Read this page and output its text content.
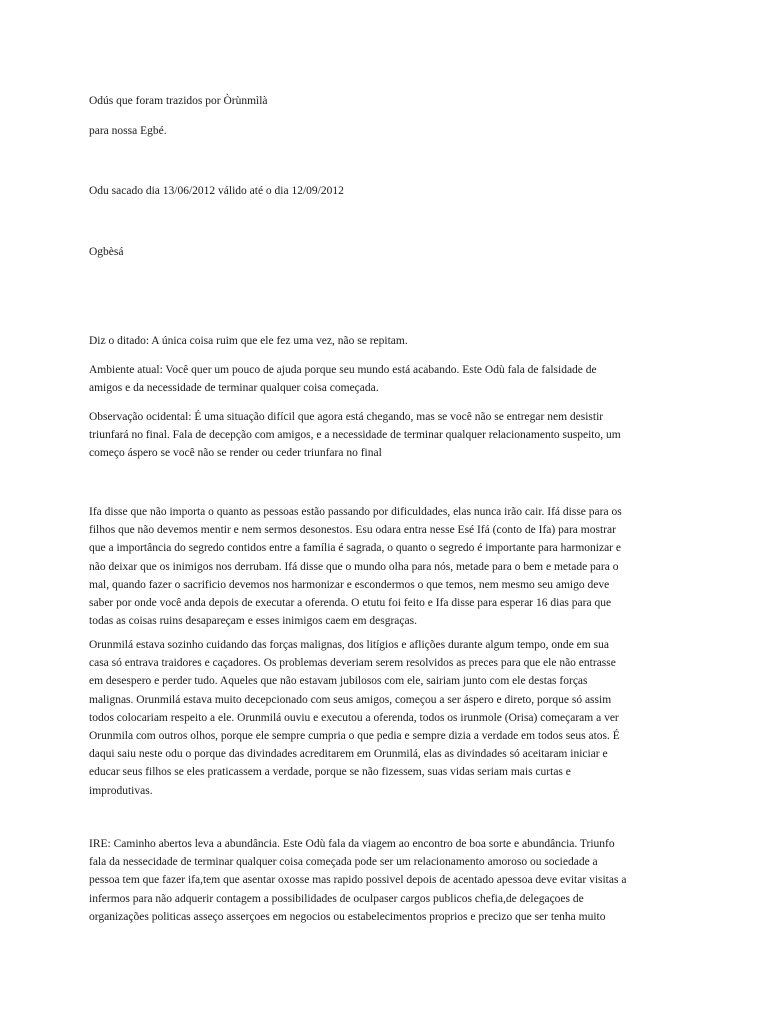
Odús que foram trazidos por Òrùnmìlà

para nossa Egbé.

Odu sacado dia 13/06/2012 válido até o dia 12/09/2012

Ogbèsá

Diz o ditado: A única coisa ruim que ele fez uma vez, não se repitam.

Ambiente atual: Você quer um pouco de ajuda porque seu mundo está acabando. Este Odù fala de falsidade de
amigos e da necessidade de terminar qualquer coisa começada.
Observação ocidental: É uma situação difícil que agora está chegando, mas se você não se entregar nem desistir
triunfará no final. Fala de decepção com amigos, e a necessidade de terminar qualquer relacionamento suspeito, um
começo áspero se você não se render ou ceder triunfara no final
Ifa disse que não importa o quanto as pessoas estão passando por dificuldades, elas nunca irão cair. Ifá disse para os
filhos que não devemos mentir e nem sermos desonestos. Esu odara entra nesse Esé Ifá (conto de Ifa) para mostrar
que a importância do segredo contidos entre a família é sagrada, o quanto o segredo é importante para harmonizar e
não deixar que os inimigos nos derrubam. Ifá disse que o mundo olha para nós, metade para o bem e metade para o
mal, quando fazer o sacrificio devemos nos harmonizar e escondermos o que temos, nem mesmo seu amigo deve
saber por onde você anda depois de executar a oferenda. O etutu foi feito e Ifa disse para esperar 16 dias para que
todas as coisas ruins desapareçam e esses inimigos caem em desgraças.
Orunmilá estava sozinho cuidando das forças malignas, dos litígios e aflições durante algum tempo, onde em sua
casa só entrava traidores e caçadores. Os problemas deveriam serem resolvidos as preces para que ele não entrasse
em desespero e perder tudo. Aqueles que não estavam jubilosos com ele, sairiam junto com ele destas forças
malignas. Orunmilá estava muito decepcionado com seus amigos, começou a ser áspero e direto, porque só assim
todos colocariam respeito a ele. Orunmilá ouviu e executou a oferenda, todos os irunmole (Orisa) começaram a ver
Orunmila com outros olhos, porque ele sempre cumpria o que pedia e sempre dizia a verdade em todos seus atos. É
daqui saiu neste odu o porque das divindades acreditarem em Orunmilá, elas as divindades só aceitaram iniciar e
educar seus filhos se eles praticassem a verdade, porque se não fizessem, suas vidas seriam mais curtas e
improdutivas.
IRE: Caminho abertos leva a abundância. Este Odù fala da viagem ao encontro de boa sorte e abundância. Triunfo
fala da nessecidade de terminar qualquer coisa começada pode ser um relacionamento amoroso ou sociedade a
pessoa tem que fazer ifa,tem que asentar oxosse mas rapido possivel depois de acentado apessoa deve evitar visitas a
infermos para não adquerir contagem a possibilidades de oculpaser cargos publicos chefia,de delegaçoes de
organizações politicas asseço asserçoes em negocios ou estabelecimentos proprios e precizo que ser tenha muito
